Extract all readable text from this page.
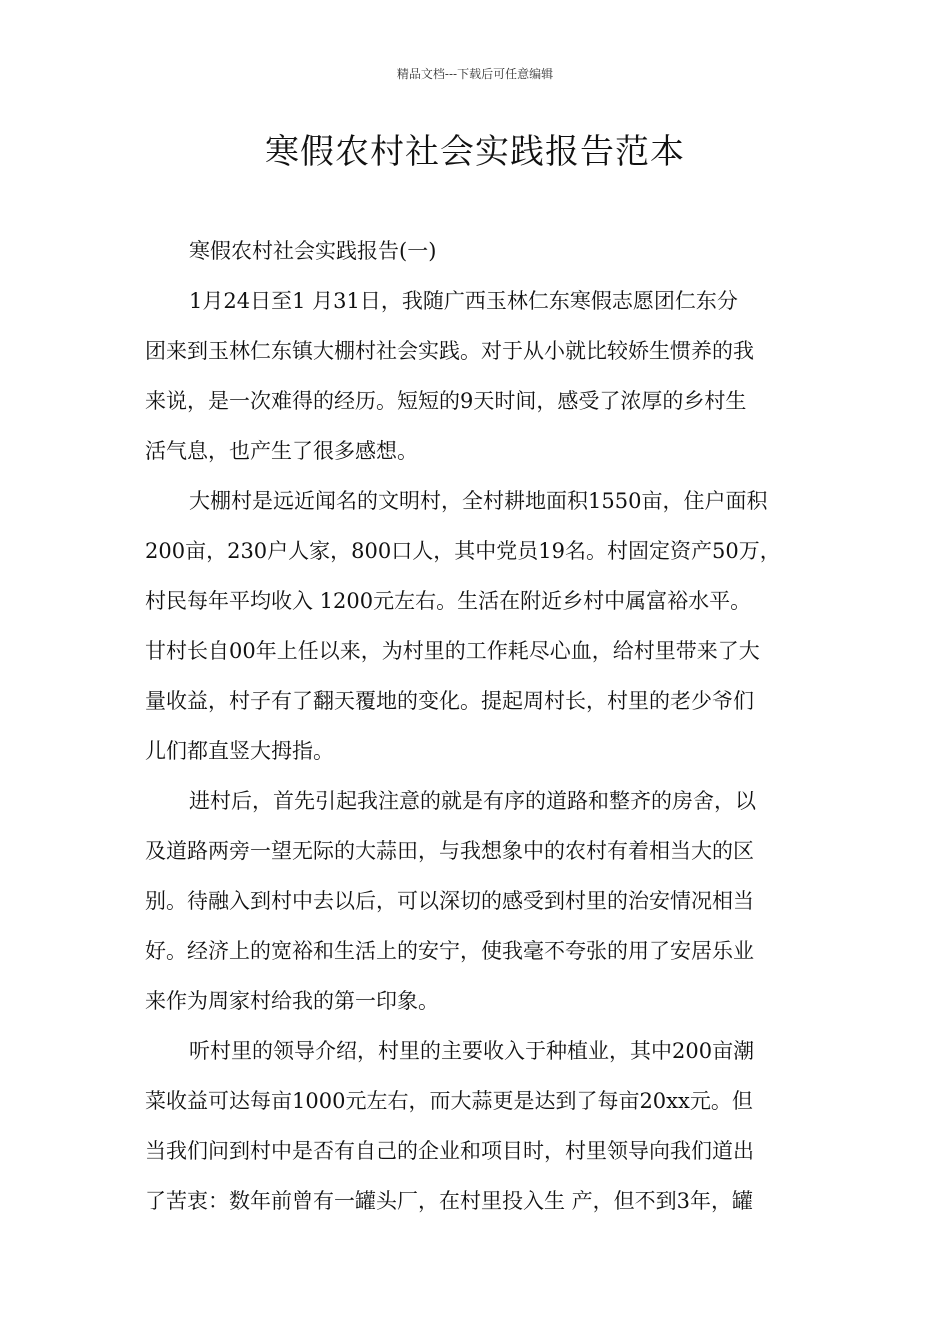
精品文档---下载后可任意编辑
寒假农村社会实践报告范本
寒假农村社会实践报告(一)
1月24日至1 月31日，我随广西玉林仁东寒假志愿团仁东分
团来到玉林仁东镇大棚村社会实践。对于从小就比较娇生惯养的我
来说，是一次难得的经历。短短的9天时间，感受了浓厚的乡村生
活气息，也产生了很多感想。
大棚村是远近闻名的文明村，全村耕地面积1550亩，住户面积
200亩，230户人家，800口人，其中党员19名。村固定资产50万，
村民每年平均收入 1200元左右。生活在附近乡村中属富裕水平。
甘村长自00年上任以来，为村里的工作耗尽心血，给村里带来了大
量收益，村子有了翻天覆地的变化。提起周村长，村里的老少爷们
儿们都直竖大拇指。
进村后，首先引起我注意的就是有序的道路和整齐的房舍，以
及道路两旁一望无际的大蒜田，与我想象中的农村有着相当大的区
别。待融入到村中去以后，可以深切的感受到村里的治安情况相当
好。经济上的宽裕和生活上的安宁，使我毫不夸张的用了安居乐业
来作为周家村给我的第一印象。
听村里的领导介绍，村里的主要收入于种植业，其中200亩潮
菜收益可达每亩1000元左右，而大蒜更是达到了每亩20xx元。但
当我们问到村中是否有自己的企业和项目时，村里领导向我们道出
了苦衷：数年前曾有一罐头厂，在村里投入生 产，但不到3年，罐
